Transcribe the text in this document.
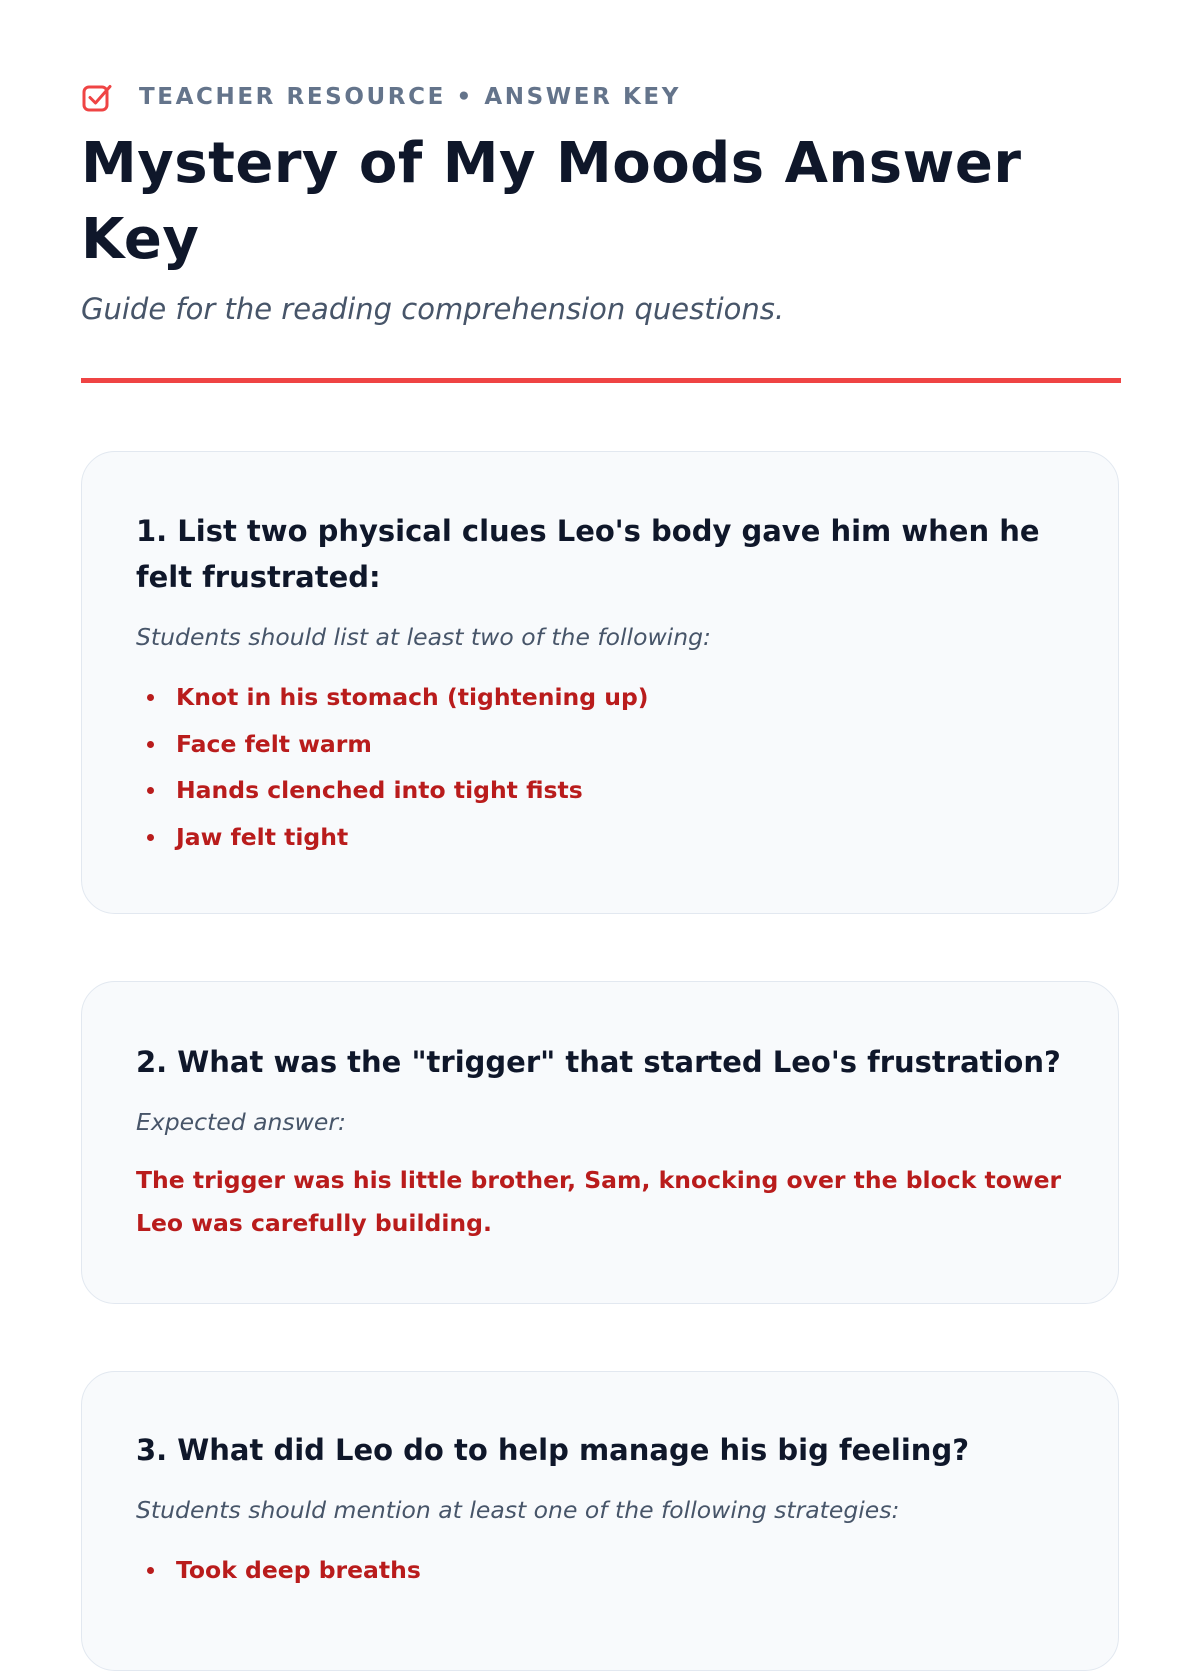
TEACHER RESOURCE • ANSWER KEY
Mystery of My Moods Answer Key

Guide for the reading comprehension questions.

1. List two physical clues Leo's body gave him when he felt frustrated:

Students should list at least two of the following:

Knot in his stomach (tightening up)
Face felt warm
Hands clenched into tight fists
Jaw felt tight
2. What was the "trigger" that started Leo's frustration?

Expected answer:

The trigger was his little brother, Sam, knocking over the block tower Leo was carefully building.

3. What did Leo do to help manage his big feeling?

Students should mention at least one of the following strategies:

Took deep breaths
